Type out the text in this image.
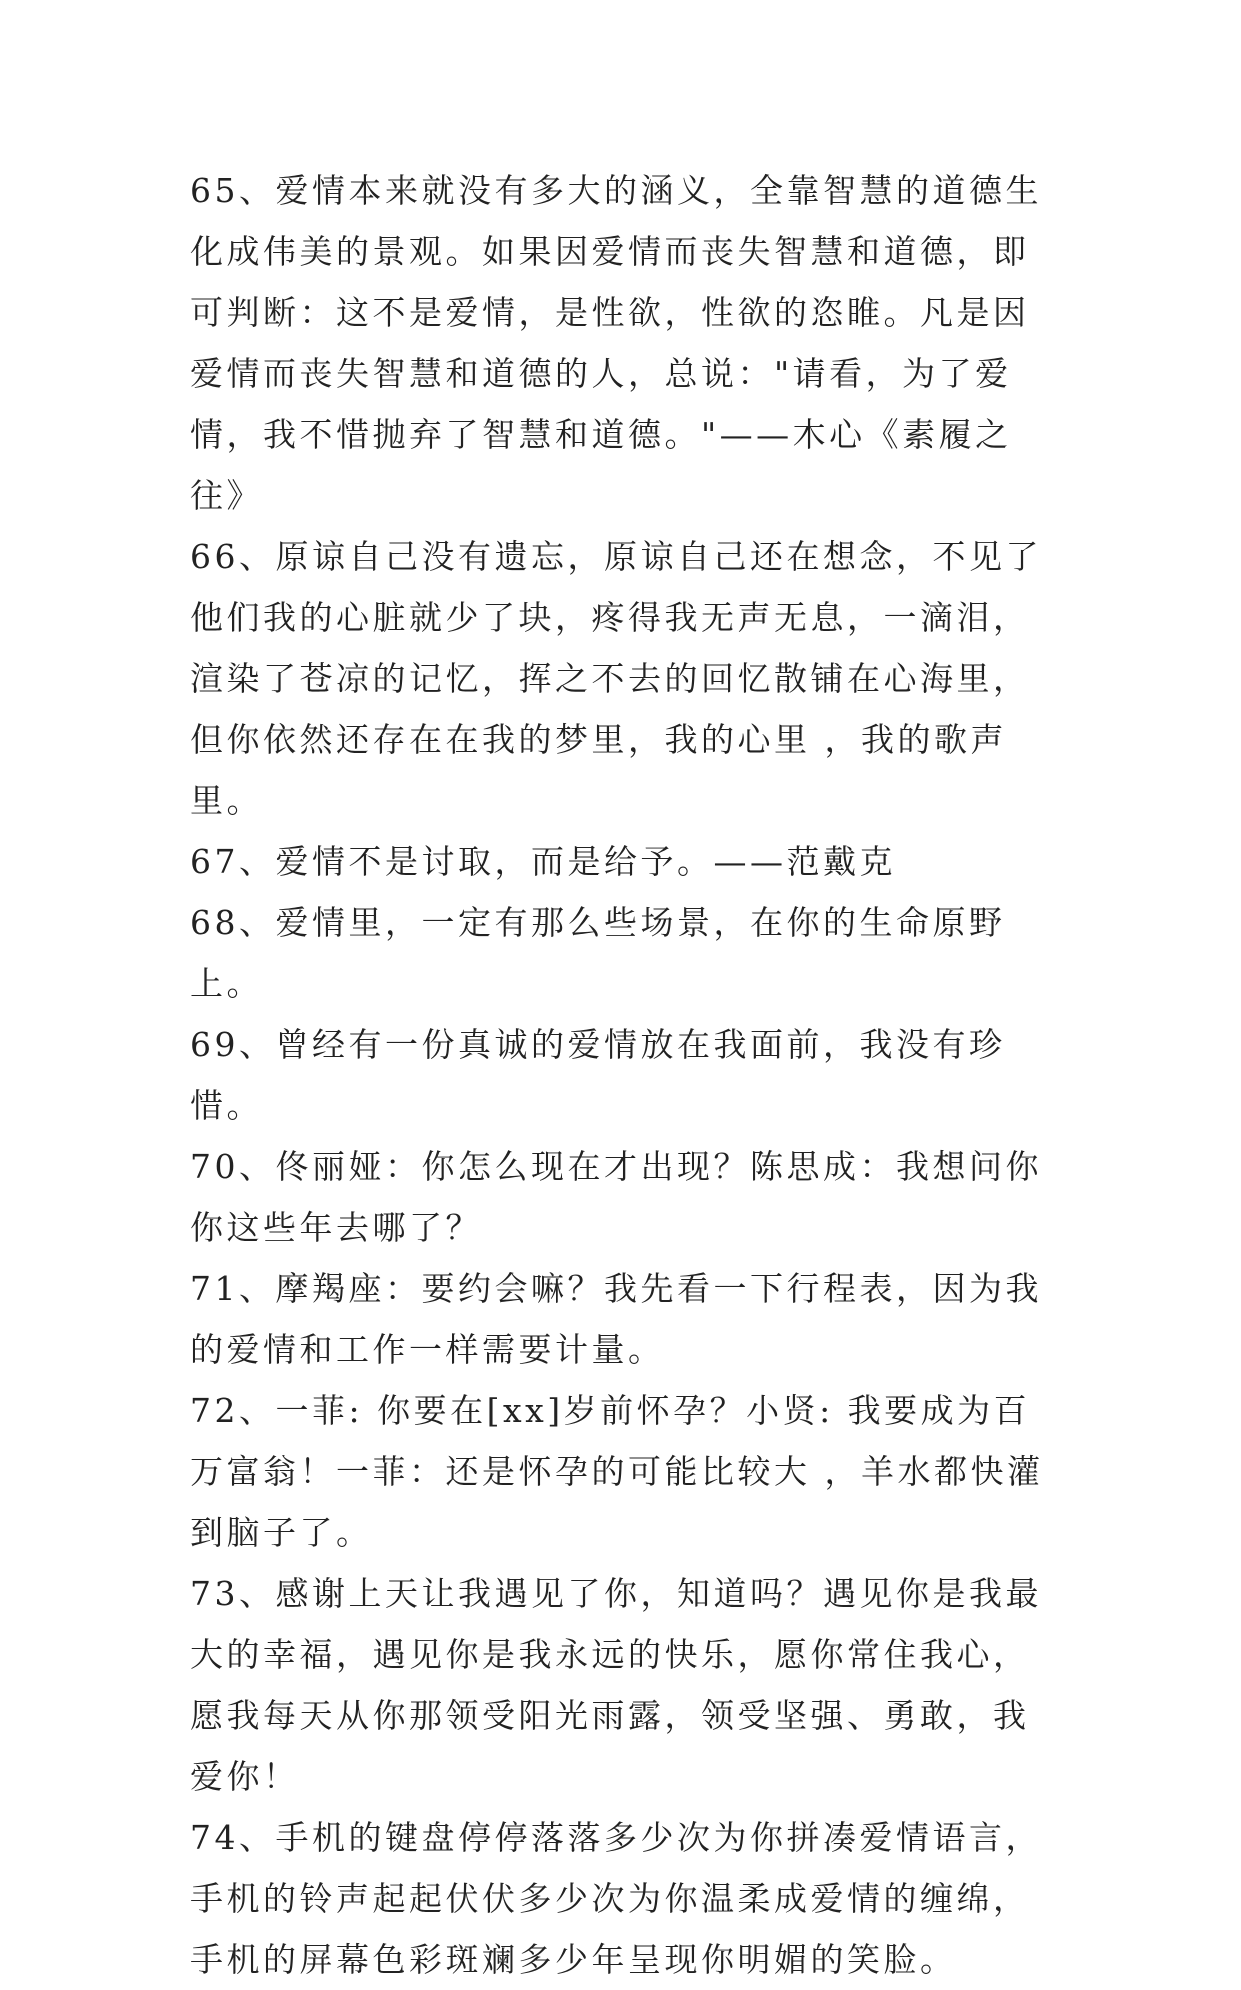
65、爱情本来就没有多大的涵义，全靠智慧的道德生化成伟美的景观。如果因爱情而丧失智慧和道德，即可判断：这不是爱情，是性欲，性欲的恣睢。凡是因爱情而丧失智慧和道德的人，总说："请看，为了爱情，我不惜抛弃了智慧和道德。"——木心《素履之往》

66、原谅自己没有遗忘，原谅自己还在想念，不见了他们我的心脏就少了块，疼得我无声无息，一滴泪，渲染了苍凉的记忆，挥之不去的回忆散铺在心海里，但你依然还存在在我的梦里，我的心里 ，我的歌声里。

67、爱情不是讨取，而是给予。——范戴克

68、爱情里，一定有那么些场景，在你的生命原野上。

69、曾经有一份真诚的爱情放在我面前，我没有珍惜。

70、佟丽娅：你怎么现在才出现？陈思成：我想问你你这些年去哪了？

71、摩羯座：要约会嘛？我先看一下行程表，因为我的爱情和工作一样需要计量。

72、一菲: 你要在[xx]岁前怀孕？小贤: 我要成为百万富翁！一菲：还是怀孕的可能比较大 ，羊水都快灌到脑子了。

73、感谢上天让我遇见了你，知道吗？遇见你是我最大的幸福，遇见你是我永远的快乐，愿你常住我心，愿我每天从你那领受阳光雨露，领受坚强、勇敢，我爱你！

74、手机的键盘停停落落多少次为你拼凑爱情语言，手机的铃声起起伏伏多少次为你温柔成爱情的缠绵，手机的屏幕色彩斑斓多少年呈现你明媚的笑脸。
